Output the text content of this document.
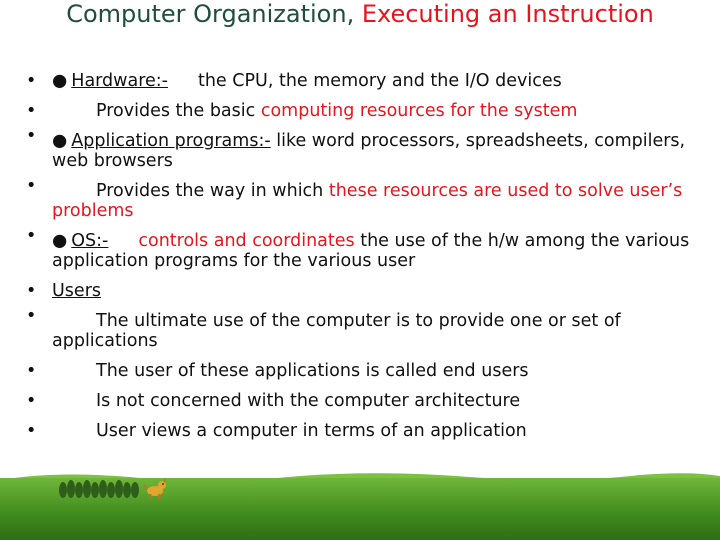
Computer Organization, Executing an Instruction
• ● Hardware:- the CPU, the memory and the I/O devices
• Provides the basic computing resources for the system
• ● Application programs:- like word processors, spreadsheets, compilers, web browsers
• Provides the way in which these resources are used to solve user’s problems
• ● OS:- controls and coordinates the use of the h/w among the various application programs for the various user
• Users
• The ultimate use of the computer is to provide one or set of applications
• The user of these applications is called end users
• Is not concerned with the computer architecture
• User views a computer in terms of an application
